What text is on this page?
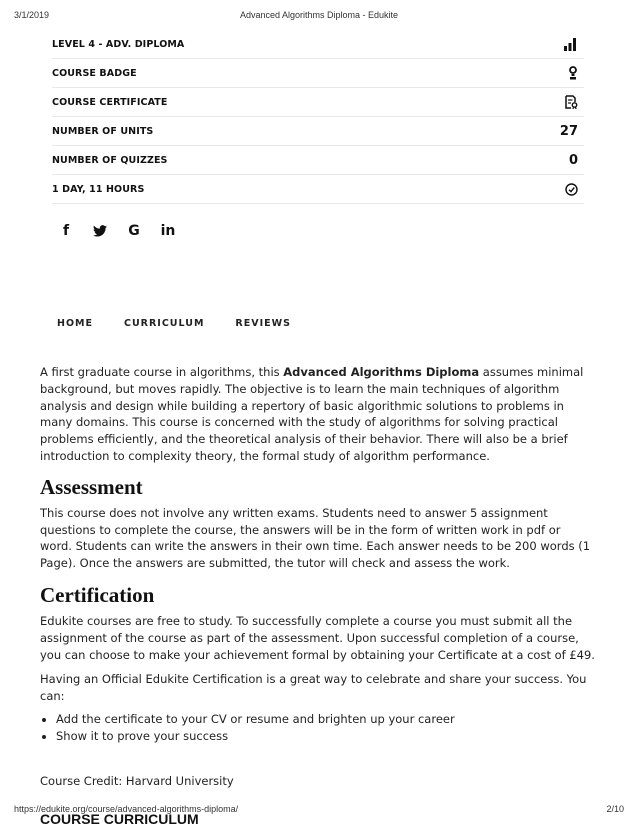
3/1/2019	Advanced Algorithms Diploma - Edukite
LEVEL 4 - ADV. DIPLOMA
COURSE BADGE
COURSE CERTIFICATE
NUMBER OF UNITS	27
NUMBER OF QUIZZES	0
1 DAY, 11 HOURS
f	G in
HOME	CURRICULUM	REVIEWS

A first graduate course in algorithms, this Advanced Algorithms Diploma assumes minimal background, but moves rapidly. The objective is to learn the main techniques of algorithm analysis and design while building a repertory of basic algorithmic solutions to problems in many domains. This course is concerned with the study of algorithms for solving practical problems efficiently, and the theoretical analysis of their behavior. There will also be a brief introduction to complexity theory, the formal study of algorithm performance.

Assessment

This course does not involve any written exams. Students need to answer 5 assignment questions to complete the course, the answers will be in the form of written work in pdf or word. Students can write the answers in their own time. Each answer needs to be 200 words (1 Page). Once the answers are submitted, the tutor will check and assess the work.

Certification

Edukite courses are free to study. To successfully complete a course you must submit all the assignment of the course as part of the assessment. Upon successful completion of a course, you can choose to make your achievement formal by obtaining your Certificate at a cost of £49.

Having an Official Edukite Certification is a great way to celebrate and share your success. You can:

• Add the certificate to your CV or resume and brighten up your career
• Show it to prove your success

Course Credit: Harvard University

COURSE CURRICULUM

https://edukite.org/course/advanced-algorithms-diploma/	2/10
